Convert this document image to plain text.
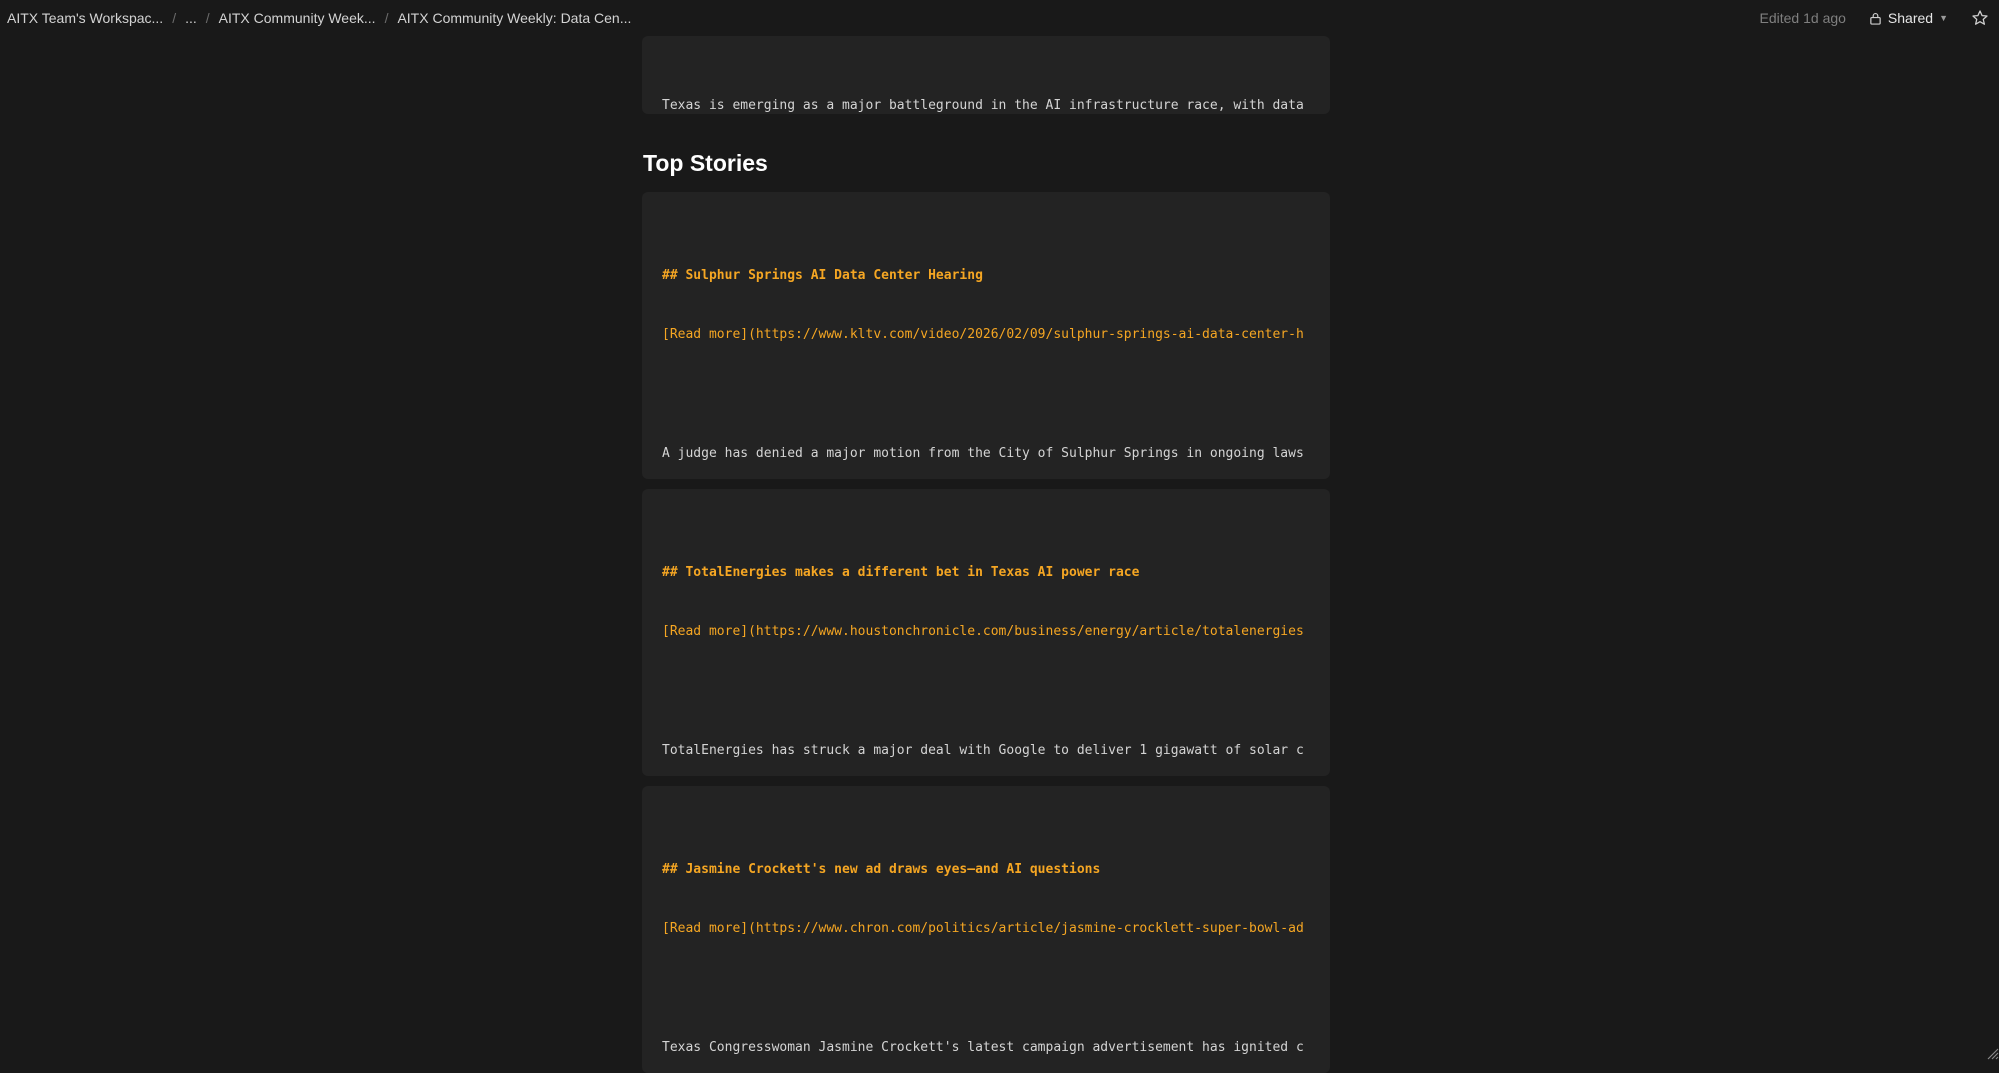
AITX Team's Workspac... / ... / AITX Community Week... / AITX Community Weekly: Data Cen...	Edited 1d ago	Shared ▼

Texas is emerging as a major battleground in the AI infrastructure race, with data

Top Stories

## Sulphur Springs AI Data Center Hearing

[Read more](https://www.kltv.com/video/2026/02/09/sulphur-springs-ai-data-center-h

A judge has denied a major motion from the City of Sulphur Springs in ongoing laws

## TotalEnergies makes a different bet in Texas AI power race

[Read more](https://www.houstonchronicle.com/business/energy/article/totalenergies

TotalEnergies has struck a major deal with Google to deliver 1 gigawatt of solar c

## Jasmine Crockett's new ad draws eyes—and AI questions

[Read more](https://www.chron.com/politics/article/jasmine-crocklett-super-bowl-ad

Texas Congresswoman Jasmine Crockett's latest campaign advertisement has ignited c
